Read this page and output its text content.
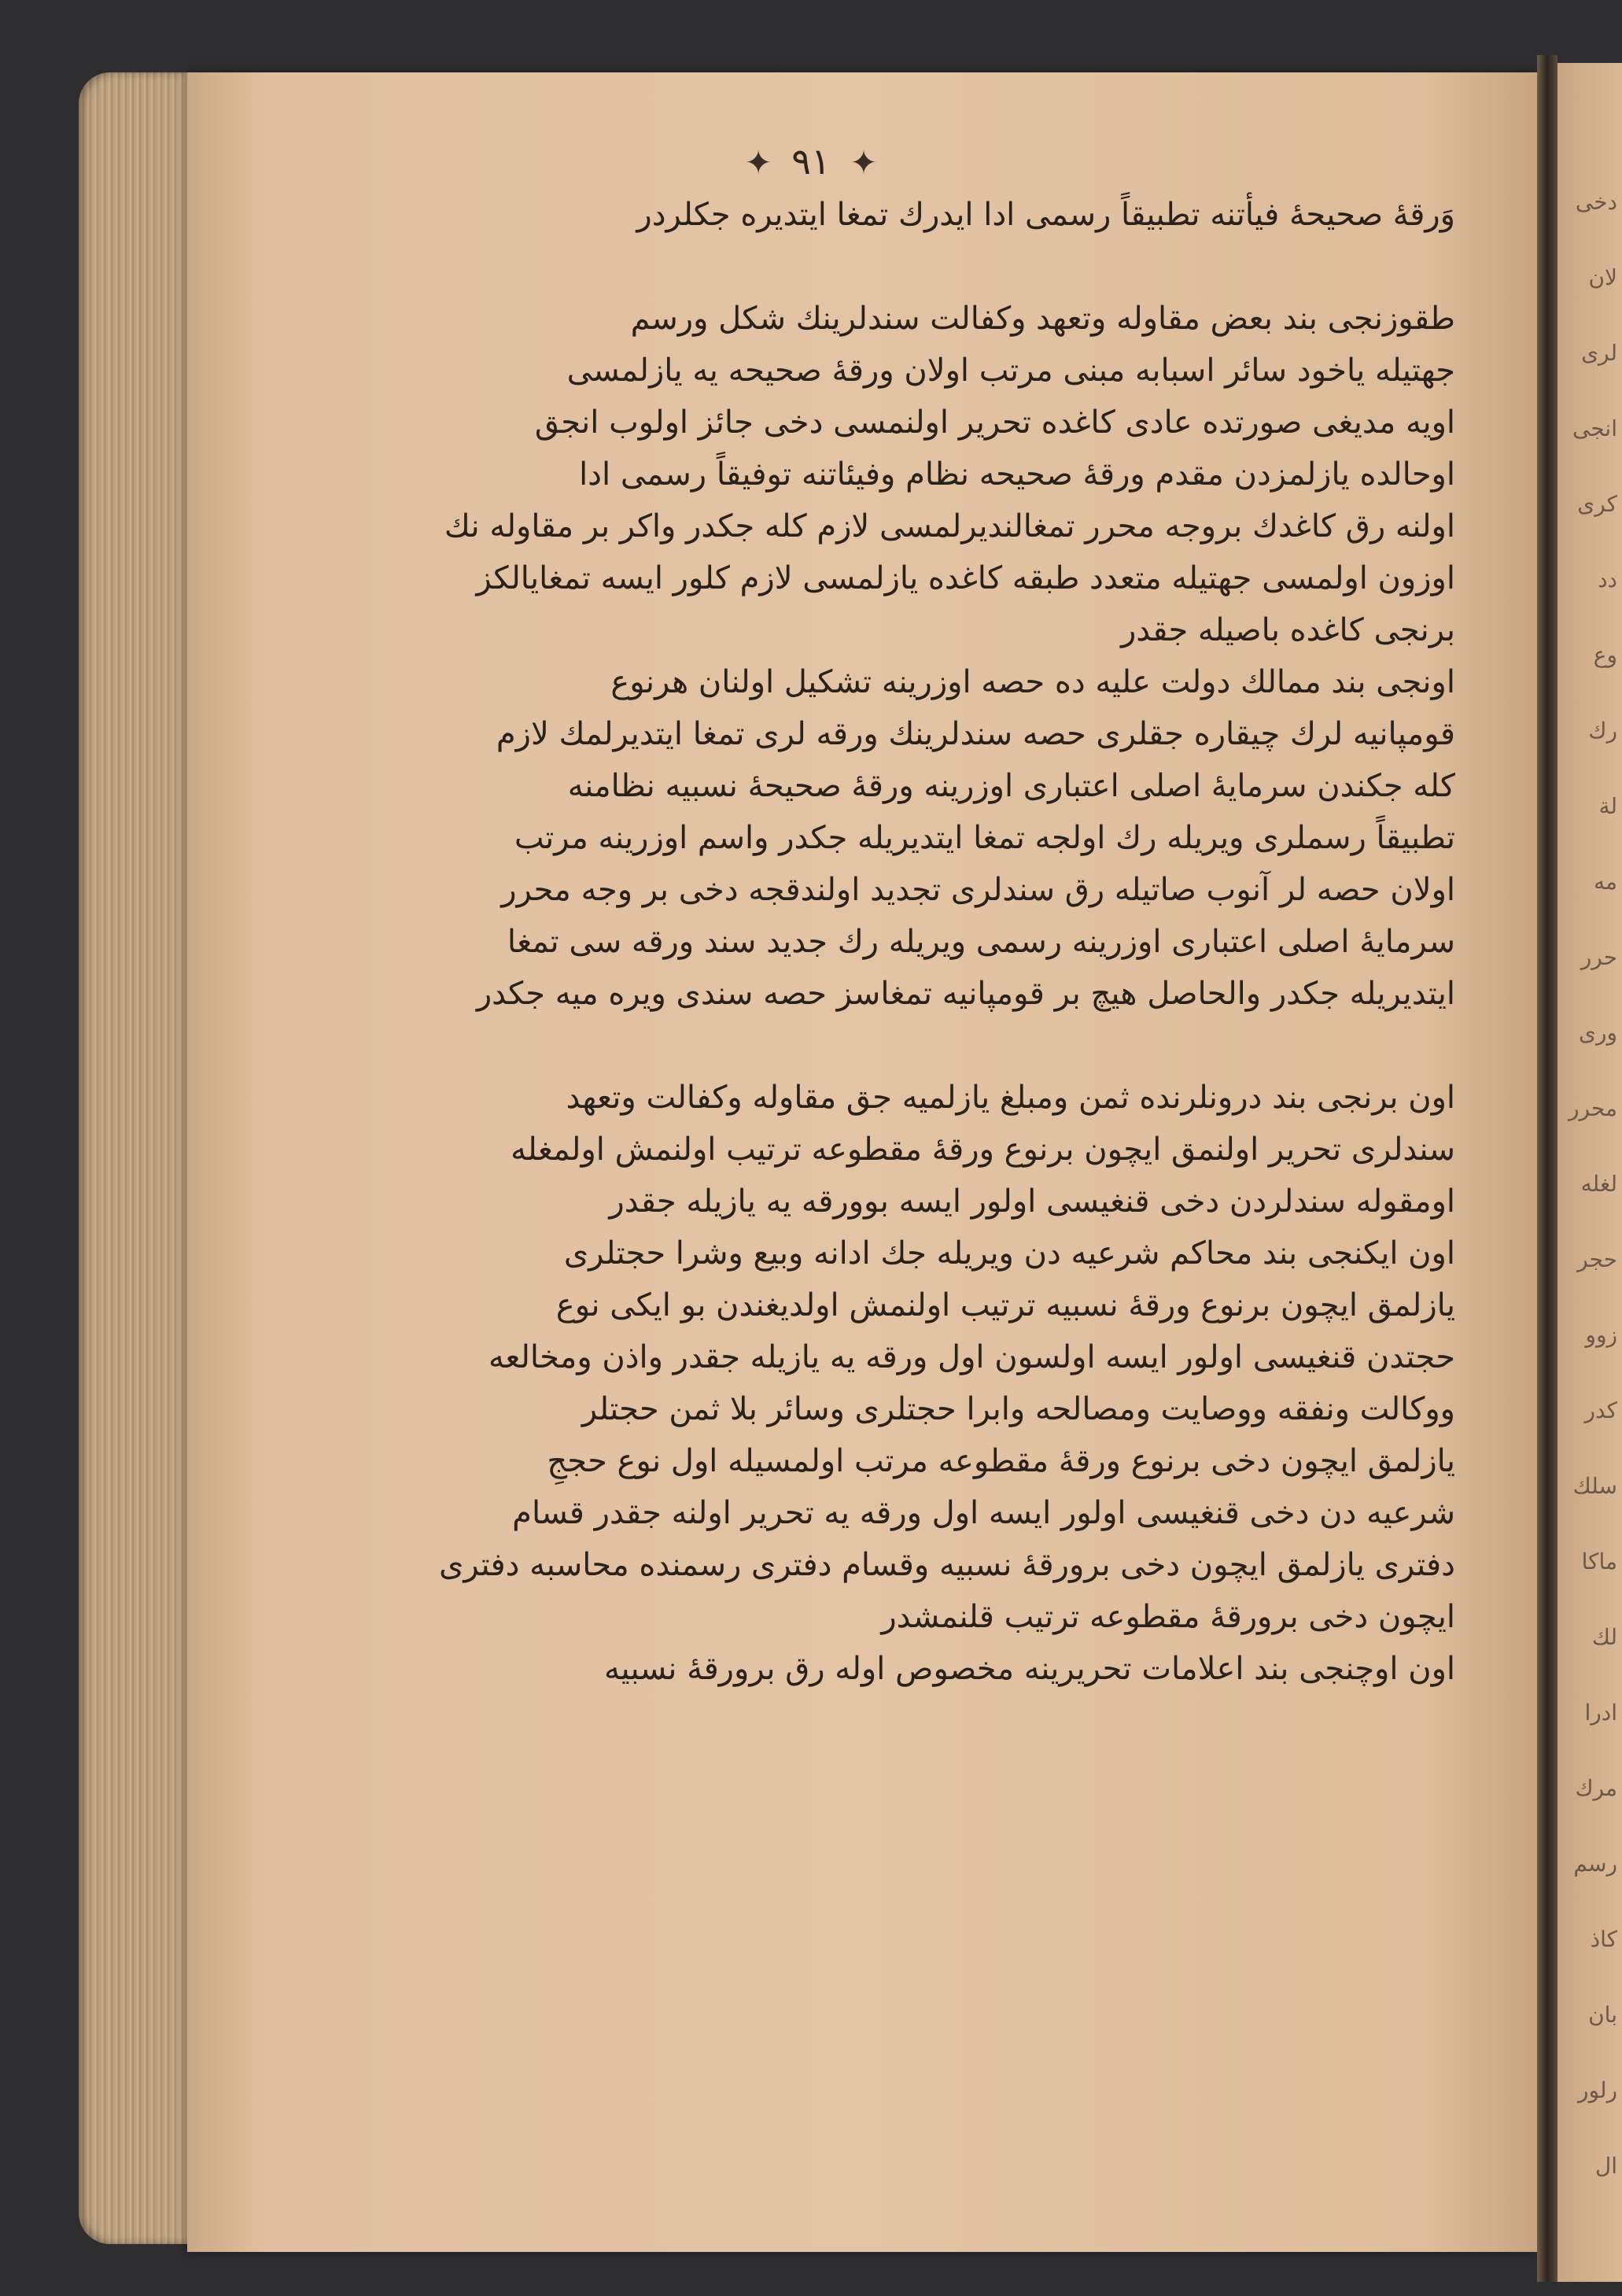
دخى
لان
لرى
انجى
كرى
دد
وع
رك
لة
مه
حرر
ورى
محرر
لغله
حجر
زوو
كدر
سلك
ماكا
لك
ادرا
مرك
رسم
كاذ
بان
رلور
ال
✦ ٩١ ✦
وَرقهٔ صحيحهٔ فيأتنه تطبيقاً رسمى ادا ايدرك تمغا ايتديره جكلردر
طقوزنجى بند بعض مقاوله وتعهد وكفالت سندلرينك شكل ورسم
جهتيله ياخود سائر اسبابه مبنى مرتب اولان ورقهٔ صحيحه يه يازلمسى
اويه مديغى صورتده عادى كاغده تحرير اولنمسى دخى جائز اولوب انجق
اوحالده يازلمزدن مقدم ورقهٔ صحيحه نظام وفيئاتنه توفيقاً رسمى ادا
اولنه رق كاغدك بروجه محرر تمغالنديرلمسى لازم كله جكدر واكر بر مقاوله نك
اوزون اولمسى جهتيله متعدد طبقه كاغده يازلمسى لازم كلور ايسه تمغايالكز
برنجى كاغده باصيله جقدر
اونجى بند ممالك دولت عليه ده حصه اوزرينه تشكيل اولنان هرنوع
قومپانيه لرك چيقاره جقلرى حصه سندلرينك ورقه لرى تمغا ايتديرلمك لازم
كله جكندن سرمايهٔ اصلى اعتبارى اوزرينه ورقهٔ صحيحهٔ نسبيه نظامنه
تطبيقاً رسملرى ويريله رك اولجه تمغا ايتديريله جكدر واسم اوزرينه مرتب
اولان حصه لر آنوب صاتيله رق سندلرى تجديد اولندقجه دخى بر وجه محرر
سرمايهٔ اصلى اعتبارى اوزرينه رسمى ويريله رك جديد سند ورقه سى تمغا
ايتديريله جكدر والحاصل هيچ بر قومپانيه تمغاسز حصه سندى ويره ميه جكدر
اون برنجى بند درونلرنده ثمن ومبلغ يازلميه جق مقاوله وكفالت وتعهد
سندلرى تحرير اولنمق ايچون برنوع ورقهٔ مقطوعه ترتيب اولنمش اولمغله
اومقوله سندلردن دخى قنغيسى اولور ايسه بوورقه يه يازيله جقدر
اون ايكنجى بند محاكم شرعيه دن ويريله جك ادانه وبيع وشرا حجتلرى
يازلمق ايچون برنوع ورقهٔ نسبيه ترتيب اولنمش اولديغندن بو ايكى نوع
حجتدن قنغيسى اولور ايسه اولسون اول ورقه يه يازيله جقدر واذن ومخالعه
ووكالت ونفقه ووصايت ومصالحه وابرا حجتلرى وسائر بلا ثمن حجتلر
يازلمق ايچون دخى برنوع ورقهٔ مقطوعه مرتب اولمسيله اول نوع حججِ
شرعيه دن دخى قنغيسى اولور ايسه اول ورقه يه تحرير اولنه جقدر قسام
دفترى يازلمق ايچون دخى برورقهٔ نسبيه وقسام دفترى رسمنده محاسبه دفترى
ايچون دخى برورقهٔ مقطوعه ترتيب قلنمشدر
اون اوچنجى بند اعلامات تحريرينه مخصوص اوله رق برورقهٔ نسبيه
